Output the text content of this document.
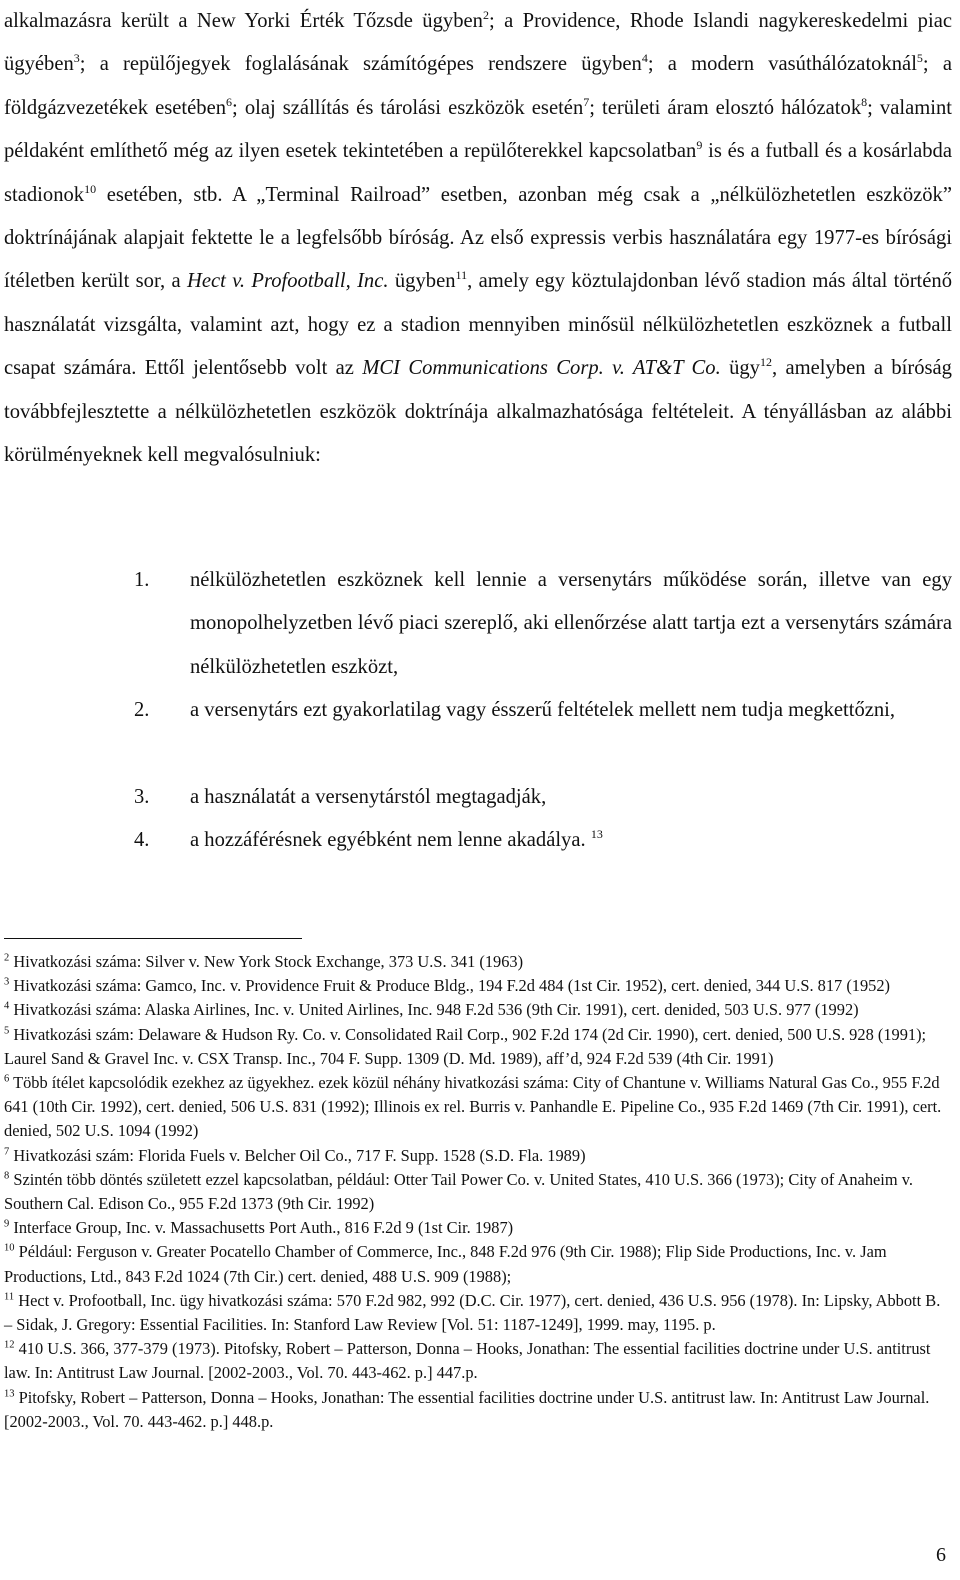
alkalmazásra került a New Yorki Érték Tőzsde ügyben$^2$; a Providence, Rhode Islandi nagykereskedelmi piac ügyében$^3$; a repülőjegyek foglalásának számítógépes rendszere ügyben$^4$; a modern vasúthálózatoknál$^5$; a földgázvezetékek esetében$^6$; olaj szállítás és tárolási eszközök esetén$^7$; területi áram elosztó hálózatok$^8$; valamint példaként említhető még az ilyen esetek tekintetében a repülőterekkel kapcsolatban$^9$ is és a futball és a kosárlabda stadionok$^{10}$ esetében, stb. A „Terminal Railroad” esetben, azonban még csak a „nélkülözhetetlen eszközök” doktrínájának alapjait fektette le a legfelsőbb bíróság. Az első expressis verbis használatára egy 1977-es bírósági ítéletben került sor, a Hect v. Profootball, Inc. ügyben$^{11}$, amely egy köztulajdonban lévő stadion más által történő használatát vizsgálta, valamint azt, hogy ez a stadion mennyiben minősül nélkülözhetetlen eszköznek a futball csapat számára. Ettől jelentősebb volt az MCI Communications Corp. v. AT&T Co. ügy$^{12}$, amelyben a bíróság továbbfejlesztette a nélkülözhetetlen eszközök doktrínája alkalmazhatósága feltételeit. A tényállásban az alábbi körülményeknek kell megvalósulniuk:

1. nélkülözhetetlen eszköznek kell lennie a versenytárs működése során, illetve van egy monopolhelyzetben lévő piaci szereplő, aki ellenőrzése alatt tartja ezt a versenytárs számára nélkülözhetetlen eszközt,
2. a versenytárs ezt gyakorlatilag vagy ésszerű feltételek mellett nem tudja megkettőzni,
3. a használatát a versenytárstól megtagadják,
4. a hozzáférésnek egyébként nem lenne akadálya. $^{13}$

$^2$ Hivatkozási száma: Silver v. New York Stock Exchange, 373 U.S. 341 (1963)

$^3$ Hivatkozási száma: Gamco, Inc. v. Providence Fruit & Produce Bldg., 194 F.2d 484 (1st Cir. 1952), cert. denied, 344 U.S. 817 (1952)

$^4$ Hivatkozási száma: Alaska Airlines, Inc. v. United Airlines, Inc. 948 F.2d 536 (9th Cir. 1991), cert. denided, 503 U.S. 977 (1992)

$^5$ Hivatkozási szám: Delaware & Hudson Ry. Co. v. Consolidated Rail Corp., 902 F.2d 174 (2d Cir. 1990), cert. denied, 500 U.S. 928 (1991); Laurel Sand & Gravel Inc. v. CSX Transp. Inc., 704 F. Supp. 1309 (D. Md. 1989), aff’d, 924 F.2d 539 (4th Cir. 1991)

$^6$ Több ítélet kapcsolódik ezekhez az ügyekhez. ezek közül néhány hivatkozási száma: City of Chantune v. Williams Natural Gas Co., 955 F.2d 641 (10th Cir. 1992), cert. denied, 506 U.S. 831 (1992); Illinois ex rel. Burris v. Panhandle E. Pipeline Co., 935 F.2d 1469 (7th Cir. 1991), cert. denied, 502 U.S. 1094 (1992)

$^7$ Hivatkozási szám: Florida Fuels v. Belcher Oil Co., 717 F. Supp. 1528 (S.D. Fla. 1989)

$^8$ Szintén több döntés született ezzel kapcsolatban, például: Otter Tail Power Co. v. United States, 410 U.S. 366 (1973); City of Anaheim v. Southern Cal. Edison Co., 955 F.2d 1373 (9th Cir. 1992)

$^9$ Interface Group, Inc. v. Massachusetts Port Auth., 816 F.2d 9 (1st Cir. 1987)

$^{10}$ Például: Ferguson v. Greater Pocatello Chamber of Commerce, Inc., 848 F.2d 976 (9th Cir. 1988); Flip Side Productions, Inc. v. Jam Productions, Ltd., 843 F.2d 1024 (7th Cir.) cert. denied, 488 U.S. 909 (1988);

$^{11}$ Hect v. Profootball, Inc. ügy hivatkozási száma: 570 F.2d 982, 992 (D.C. Cir. 1977), cert. denied, 436 U.S. 956 (1978). In: Lipsky, Abbott B. – Sidak, J. Gregory: Essential Facilities. In: Stanford Law Review [Vol. 51: 1187-1249], 1999. may, 1195. p.

$^{12}$ 410 U.S. 366, 377-379 (1973). Pitofsky, Robert – Patterson, Donna – Hooks, Jonathan: The essential facilities doctrine under U.S. antitrust law. In: Antitrust Law Journal. [2002-2003., Vol. 70. 443-462. p.] 447.p.

$^{13}$ Pitofsky, Robert – Patterson, Donna – Hooks, Jonathan: The essential facilities doctrine under U.S. antitrust law. In: Antitrust Law Journal. [2002-2003., Vol. 70. 443-462. p.] 448.p.

6
